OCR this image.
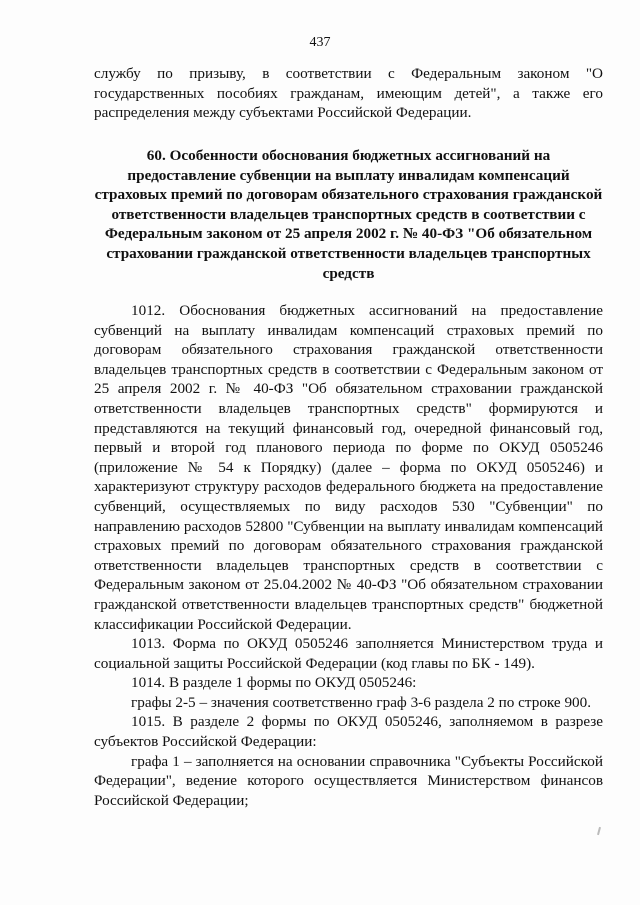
437

службу по призыву, в соответствии с Федеральным законом "О государственных пособиях гражданам, имеющим детей", а также его распределения между субъектами Российской Федерации.

60. Особенности обоснования бюджетных ассигнований на предоставление субвенции на выплату инвалидам компенсаций страховых премий по договорам обязательного страхования гражданской ответственности владельцев транспортных средств в соответствии с Федеральным законом от 25 апреля 2002 г. № 40-ФЗ "Об обязательном страховании гражданской ответственности владельцев транспортных средств

1012. Обоснования бюджетных ассигнований на предоставление субвенций на выплату инвалидам компенсаций страховых премий по договорам обязательного страхования гражданской ответственности владельцев транспортных средств в соответствии с Федеральным законом от 25 апреля 2002 г. № 40-ФЗ "Об обязательном страховании гражданской ответственности владельцев транспортных средств" формируются и представляются на текущий финансовый год, очередной финансовый год, первый и второй год планового периода по форме по ОКУД 0505246 (приложение № 54 к Порядку) (далее – форма по ОКУД 0505246) и характеризуют структуру расходов федерального бюджета на предоставление субвенций, осуществляемых по виду расходов 530 "Субвенции" по направлению расходов 52800 "Субвенции на выплату инвалидам компенсаций страховых премий по договорам обязательного страхования гражданской ответственности владельцев транспортных средств в соответствии с Федеральным законом от 25.04.2002 № 40-ФЗ "Об обязательном страховании гражданской ответственности владельцев транспортных средств" бюджетной классификации Российской Федерации.

1013. Форма по ОКУД 0505246 заполняется Министерством труда и социальной защиты Российской Федерации (код главы по БК - 149).

1014. В разделе 1 формы по ОКУД 0505246:

графы 2-5 – значения соответственно граф 3-6 раздела 2 по строке 900.

1015. В разделе 2 формы по ОКУД 0505246, заполняемом в разрезе субъектов Российской Федерации:

графа 1 – заполняется на основании справочника "Субъекты Российской Федерации", ведение которого осуществляется Министерством финансов Российской Федерации;
